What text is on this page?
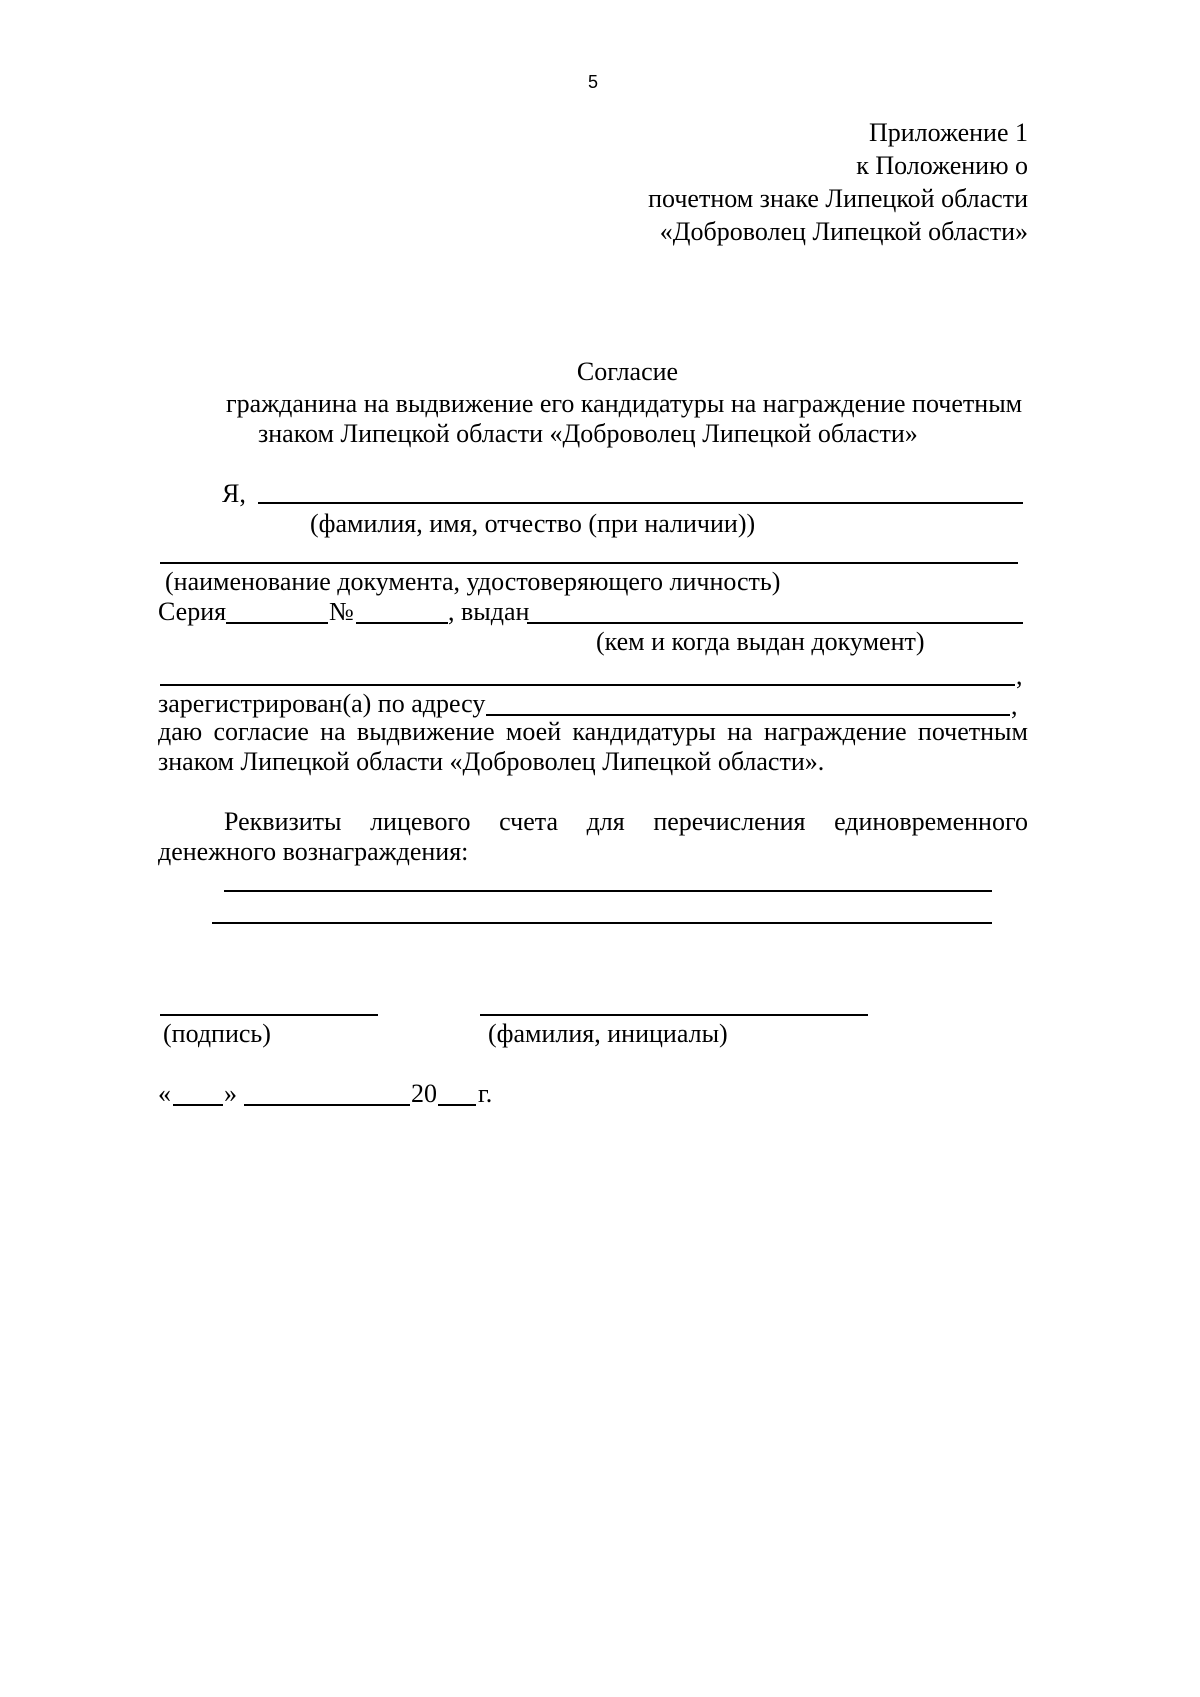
5
Приложение 1
к Положению о
почетном знаке Липецкой области
«Доброволец Липецкой области»
Согласие
гражданина на выдвижение его кандидатуры на награждение почетным
знаком Липецкой области «Доброволец Липецкой области»
Я,
(фамилия, имя, отчество (при наличии))
(наименование документа, удостоверяющего личность)
Серия	№	, выдан
(кем и когда выдан документ)
,
зарегистрирован(а) по адресу	,
даю согласие на выдвижение моей кандидатуры на награждение почетным
знаком Липецкой области «Доброволец Липецкой области».
Реквизиты лицевого счета для перечисления единовременного
денежного вознаграждения:
(подпись)	(фамилия, инициалы)
« »	20 г.
